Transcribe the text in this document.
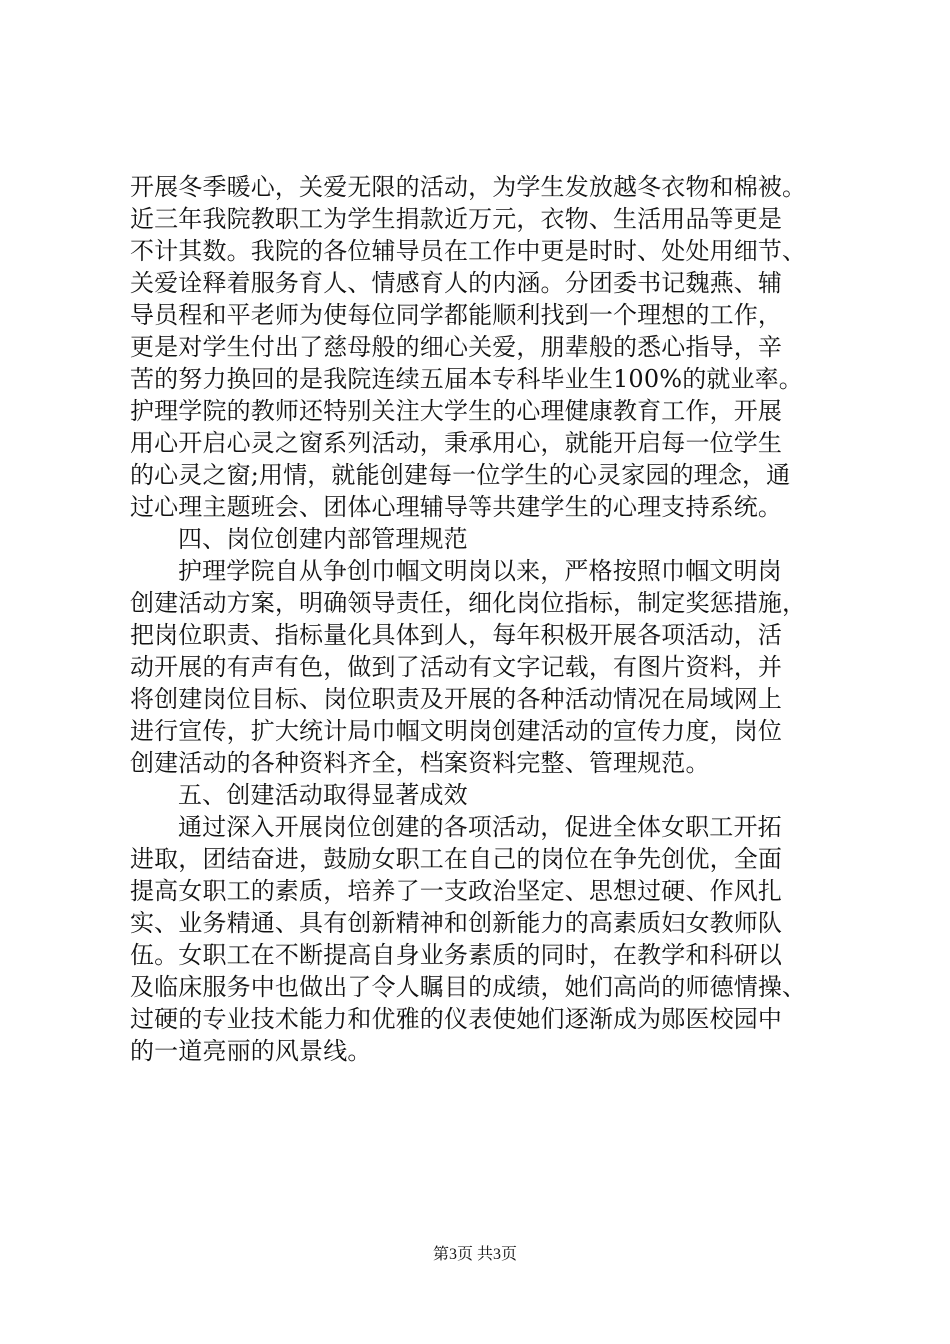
开展冬季暖心，关爱无限的活动，为学生发放越冬衣物和棉被。
近三年我院教职工为学生捐款近万元，衣物、生活用品等更是
不计其数。我院的各位辅导员在工作中更是时时、处处用细节、
关爱诠释着服务育人、情感育人的内涵。分团委书记魏燕、辅
导员程和平老师为使每位同学都能顺利找到一个理想的工作，
更是对学生付出了慈母般的细心关爱，朋辈般的悉心指导，辛
苦的努力换回的是我院连续五届本专科毕业生100%的就业率。
护理学院的教师还特别关注大学生的心理健康教育工作，开展
用心开启心灵之窗系列活动，秉承用心，就能开启每一位学生
的心灵之窗;用情，就能创建每一位学生的心灵家园的理念，通
过心理主题班会、团体心理辅导等共建学生的心理支持系统。
四、岗位创建内部管理规范
护理学院自从争创巾帼文明岗以来，严格按照巾帼文明岗
创建活动方案，明确领导责任，细化岗位指标，制定奖惩措施，
把岗位职责、指标量化具体到人，每年积极开展各项活动，活
动开展的有声有色，做到了活动有文字记载，有图片资料，并
将创建岗位目标、岗位职责及开展的各种活动情况在局域网上
进行宣传，扩大统计局巾帼文明岗创建活动的宣传力度，岗位
创建活动的各种资料齐全，档案资料完整、管理规范。
五、创建活动取得显著成效
通过深入开展岗位创建的各项活动，促进全体女职工开拓
进取，团结奋进，鼓励女职工在自己的岗位在争先创优，全面
提高女职工的素质，培养了一支政治坚定、思想过硬、作风扎
实、业务精通、具有创新精神和创新能力的高素质妇女教师队
伍。女职工在不断提高自身业务素质的同时，在教学和科研以
及临床服务中也做出了令人瞩目的成绩，她们高尚的师德情操、
过硬的专业技术能力和优雅的仪表使她们逐渐成为郧医校园中
的一道亮丽的风景线。
第3页 共3页
